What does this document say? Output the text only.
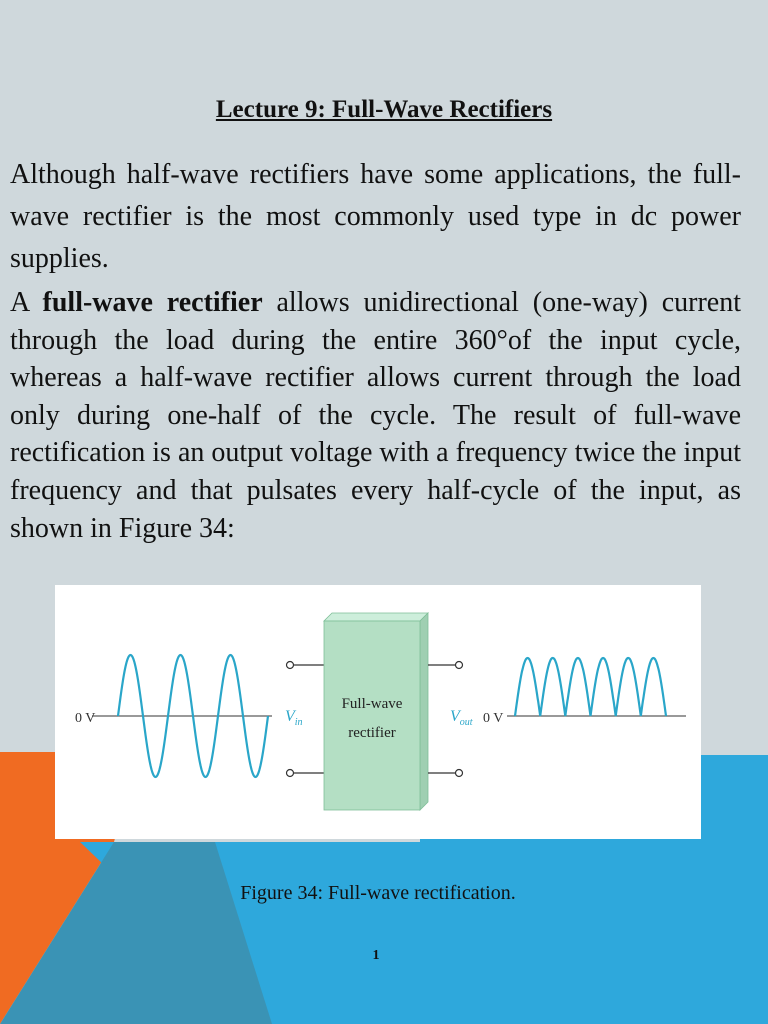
Lecture 9: Full-Wave Rectifiers

Although half-wave rectifiers have some applications, the full-wave rectifier is the most commonly used type in dc power supplies.

A full-wave rectifier allows unidirectional (one-way) current through the load during the entire 360°of the input cycle, whereas a half-wave rectifier allows current through the load only during one-half of the cycle. The result of full-wave rectification is an output voltage with a frequency twice the input frequency and that pulsates every half-cycle of the input, as shown in Figure 34:

0 V	$V_{in}$
Full-wave
rectifier
$V_{out}$ 0 V
Figure 34: Full-wave rectification.
1
